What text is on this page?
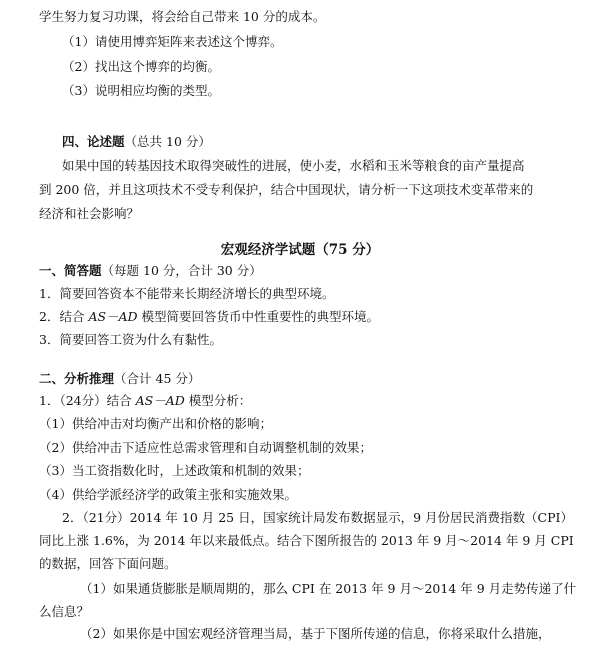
学生努力复习功课，将会给自己带来 10 分的成本。
（1）请使用博弈矩阵来表述这个博弈。
（2）找出这个博弈的均衡。
（3）说明相应均衡的类型。
四、论述题（总共 10 分）
如果中国的转基因技术取得突破性的进展，使小麦，水稻和玉米等粮食的亩产量提高
到 200 倍，并且这项技术不受专利保护，结合中国现状，请分析一下这项技术变革带来的
经济和社会影响？
宏观经济学试题（75 分）
一、简答题（每题 10 分，合计 30 分）
1．简要回答资本不能带来长期经济增长的典型环境。
2．结合 AS－AD 模型简要回答货币中性重要性的典型环境。
3．简要回答工资为什么有黏性。
二、分析推理（合计 45 分）
1．（24分）结合 AS－AD 模型分析：
（1）供给冲击对均衡产出和价格的影响；
（2）供给冲击下适应性总需求管理和自动调整机制的效果；
（3）当工资指数化时，上述政策和机制的效果；
（4）供给学派经济学的政策主张和实施效果。
2．（21分）2014 年 10 月 25 日，国家统计局发布数据显示，9 月份居民消费指数（CPI）
同比上涨 1.6%，为 2014 年以来最低点。结合下图所报告的 2013 年 9 月～2014 年 9 月 CPI
的数据，回答下面问题。
（1）如果通货膨胀是顺周期的，那么 CPI 在 2013 年 9 月～2014 年 9 月走势传递了什
么信息？
（2）如果你是中国宏观经济管理当局，基于下图所传递的信息，你将采取什么措施，
